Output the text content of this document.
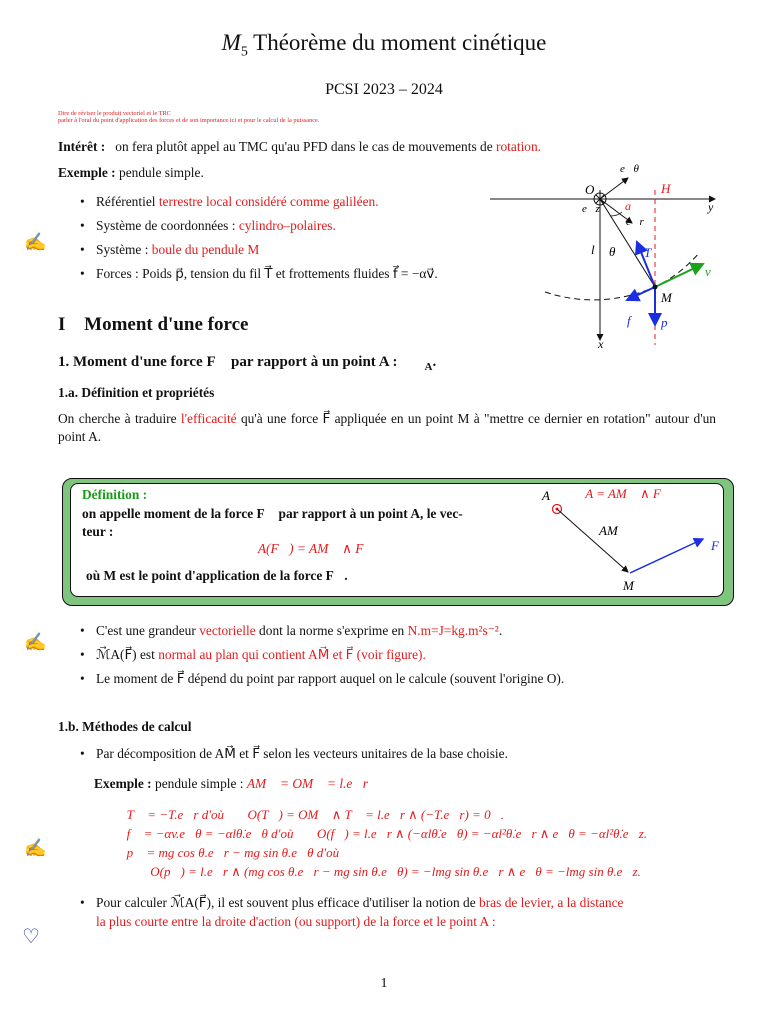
$M_5$ Théorème du moment cinétique
PCSI 2023 – 2024
Dire de réviser le produit vectoriel et le TRC
parler à l'oral du point d'application des forces et de son importance ici et pour le calcul de la puissance.
Intérêt : on fera plutôt appel au TMC qu'au PFD dans le cas de mouvements de rotation.
Exemple : pendule simple.
✍
• Référentiel terrestre local considéré comme galiléen.
• Système de coordonnées : cylindro–polaires.
• Système : boule du pendule M
• Forces : Poids p⃗, tension du fil T⃗ et frottements fluides f⃗ = −αv⃗.
O	H
y
x
M
l θ
a
e⃗z
e⃗r
e⃗θ
T⃗
v⃗
f⃗ p⃗
I Moment d'une force
1. Moment d'une force F⃗ par rapport à un point A : $ℳ⃗_A$.
1.a. Définition et propriétés
On cherche à traduire l'efficacité qu'à une force F⃗ appliquée en un point M à "mettre ce dernier en rotation" autour d'un point A.
Définition :
on appelle moment de la force F⃗ par rapport à un point A, le vec-
teur :
ℳ⃗A(F⃗) = AM⃗ ∧ F⃗
où M est le point d'application de la force F⃗.
A ℳ⃗A = AM⃗ ∧ F⃗
AM⃗
F⃗
M
✍
• C'est une grandeur vectorielle dont la norme s'exprime en N.m=J=kg.m²s⁻².
• ℳ⃗A(F⃗) est normal au plan qui contient AM⃗ et F⃗ (voir figure).
• Le moment de F⃗ dépend du point par rapport auquel on le calcule (souvent l'origine O).
1.b. Méthodes de calcul
• Par décomposition de AM⃗ et F⃗ selon les vecteurs unitaires de la base choisie.
Exemple : pendule simple : AM⃗ = OM⃗ = l.e⃗r
✍
⋆  T⃗ = −T.e⃗r d'où ℳ⃗O(T⃗) = OM⃗ ∧ T⃗ = l.e⃗r ∧ (−T.e⃗r) = 0⃗.
⋆  f⃗ = −αv.e⃗θ = −αlθ̇.e⃗θ d'où ℳ⃗O(f⃗) = l.e⃗r ∧ (−αlθ̇.e⃗θ) = −αl²θ̇.e⃗r ∧ e⃗θ = −αl²θ̇.e⃗z.
⋆  p⃗ = mg cos θ.e⃗r − mg sin θ.e⃗θ d'où
ℳ⃗O(p⃗) = l.e⃗r ∧ (mg cos θ.e⃗r − mg sin θ.e⃗θ) = −lmg sin θ.e⃗r ∧ e⃗θ = −lmg sin θ.e⃗z.
• Pour calculer ℳ⃗A(F⃗), il est souvent plus efficace d'utiliser la notion de bras de levier, a la distance
la plus courte entre la droite d'action (ou support) de la force et le point A :
♡
1
